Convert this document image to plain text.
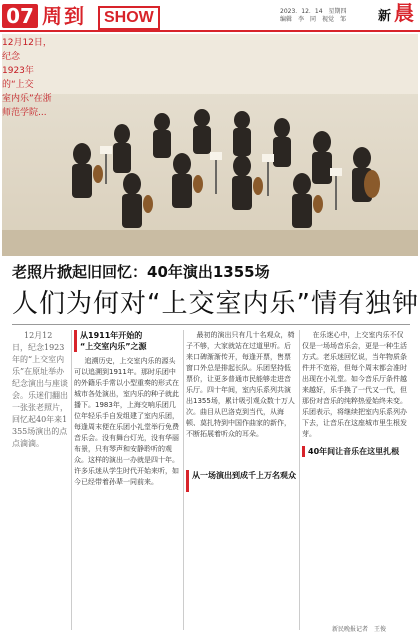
07 周到	SHOW	2023．12．14　星期四
编辑　李　同　视觉　邹	新 晨
12月12日，纪念
1923年的“上交
室内乐”在浙
师范学院...
老照片掀起旧回忆：40年演出1355场
人们为何对“上交室内乐”情有独钟

12月12日，纪念1923年的“上交室内乐”在原址举办纪念演出与座谈会。乐迷们翻出一张张老照片，回忆起40年来1355场演出的点点滴滴。

从1911年开始的
“上交室内乐”之源

追溯历史，上交室内乐的源头可以追溯到1911年。那时乐团中的外籍乐手常以小型重奏的形式在城市各处演出，室内乐的种子就此播下。1983年，上海交响乐团几位年轻乐手自发组建了室内乐团，每逢周末便在乐团小礼堂举行免费音乐会。没有舞台灯光，没有华丽布景，只有琴声和安静聆听的观众。这样的演出一办就是四十年。许多乐迷从学生时代开始来听，如今已经带着孙辈一同前来。

从一场演出到成千上万名观众

最初的演出只有几十名观众，椅子不够，大家就站在过道里听。后来口碑渐渐传开，每逢开票，售票窗口外总是排起长队。乐团坚持低票价，让更多普通市民能够走进音乐厅。四十年间，室内乐系列共演出1355场，累计吸引观众数十万人次。曲目从巴洛克到当代，从海顿、莫扎特到中国作曲家的新作，不断拓展着听众的耳朵。

在乐迷心中，上交室内乐不仅仅是一场场音乐会，更是一种生活方式。老乐迷回忆说，当年物质条件并不宽裕，但每个周末都会准时出现在小礼堂。如今音乐厅条件越来越好，乐手换了一代又一代，但那份对音乐的纯粹热爱始终未变。乐团表示，将继续把室内乐系列办下去，让音乐在这座城市里生根发芽。

40年间让音乐在这里扎根
新民晚报记者　王俊
